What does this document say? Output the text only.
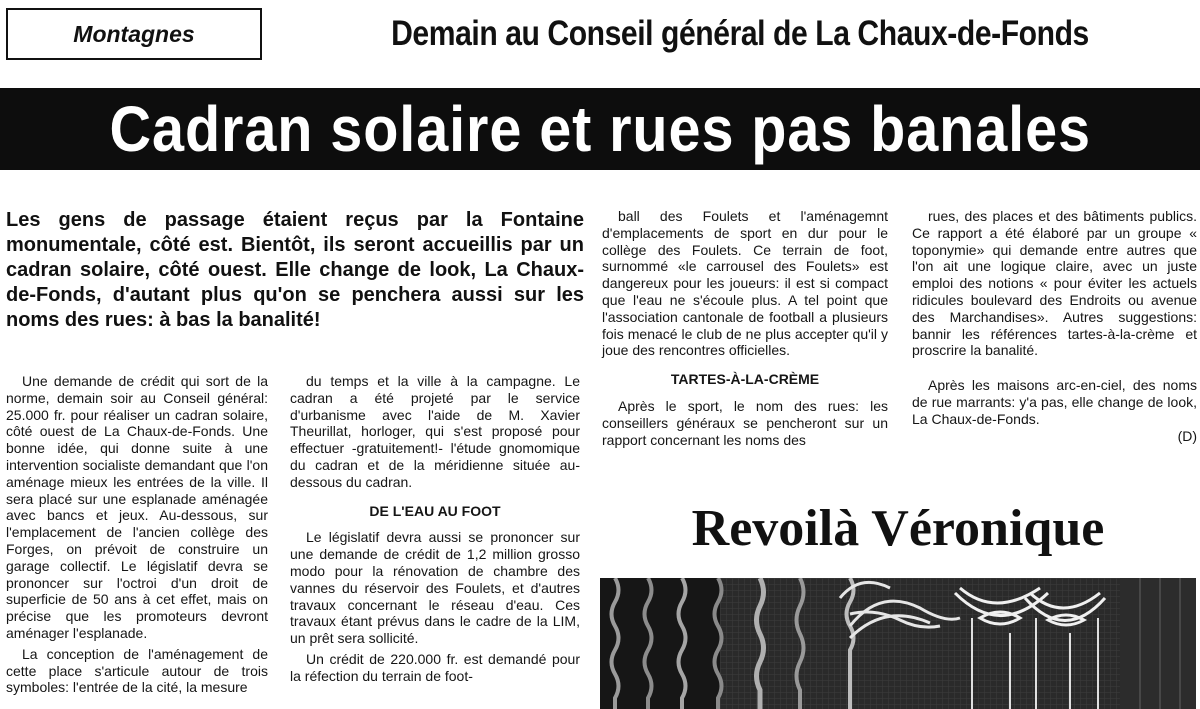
Montagnes	Demain au Conseil général de La Chaux-de-Fonds
Cadran solaire et rues pas banales
Les gens de passage étaient reçus par la Fontaine monumentale, côté est. Bientôt, ils seront accueillis par un cadran solaire, côté ouest. Elle change de look, La Chaux-de-Fonds, d'autant plus qu'on se penchera aussi sur les noms des rues: à bas la banalité!

Une demande de crédit qui sort de la norme, demain soir au Conseil général: 25.000 fr. pour réaliser un cadran solaire, côté ouest de La Chaux-de-Fonds. Une bonne idée, qui donne suite à une intervention socialiste demandant que l'on aménage mieux les entrées de la ville. Il sera placé sur une esplanade aménagée avec bancs et jeux. Au-dessous, sur l'emplacement de l'ancien collège des Forges, on prévoit de construire un garage collectif. Le législatif devra se prononcer sur l'octroi d'un droit de superficie de 50 ans à cet effet, mais on précise que les promoteurs devront aménager l'esplanade.

La conception de l'aménagement de cette place s'articule autour de trois symboles: l'entrée de la cité, la mesure

du temps et la ville à la campagne. Le cadran a été projeté par le service d'urbanisme avec l'aide de M. Xavier Theurillat, horloger, qui s'est proposé pour effectuer -gratuitement!- l'étude gnomomique du cadran et de la méridienne située au-dessous du cadran.

DE L'EAU AU FOOT

Le législatif devra aussi se prononcer sur une demande de crédit de 1,2 million grosso modo pour la rénovation de chambre des vannes du réservoir des Foulets, et d'autres travaux concernant le réseau d'eau. Ces travaux étant prévus dans le cadre de la LIM, un prêt sera sollicité.

Un crédit de 220.000 fr. est demandé pour la réfection du terrain de foot-

ball des Foulets et l'aménagemnt d'emplacements de sport en dur pour le collège des Foulets. Ce terrain de foot, surnommé «le carrousel des Foulets» est dangereux pour les joueurs: il est si compact que l'eau ne s'écoule plus. A tel point que l'association cantonale de football a plusieurs fois menacé le club de ne plus accepter qu'il y joue des rencontres officielles.

TARTES-À-LA-CRÈME

Après le sport, le nom des rues: les conseillers généraux se pencheront sur un rapport concernant les noms des

rues, des places et des bâtiments publics. Ce rapport a été élaboré par un groupe « toponymie» qui demande entre autres que l'on ait une logique claire, avec un juste emploi des notions « pour éviter les actuels ridicules boulevard des Endroits ou avenue des Marchandises». Autres suggestions: bannir les références tartes-à-la-crème et proscrire la banalité.

Après les maisons arc-en-ciel, des noms de rue marrants: y'a pas, elle change de look, La Chaux-de-Fonds.

(D)

Revoilà Véronique
